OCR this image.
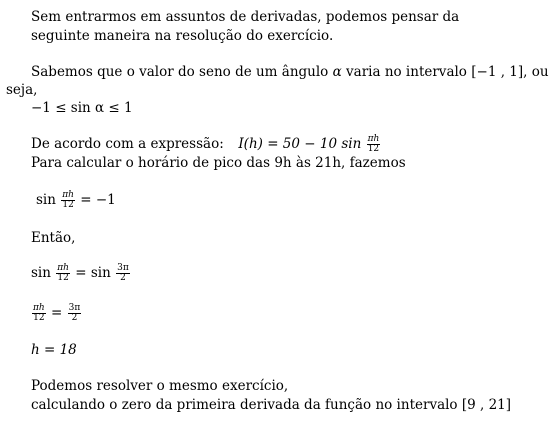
Sem entrarmos em assuntos de derivadas, podemos pensar da
seguinte maneira na resolução do exercício.
Sabemos que o valor do seno de um ângulo α varia no intervalo [−1 , 1], ou
seja,
−1 ≤ sin α ≤ 1
De acordo com a expressão: I(h) = 50 − 10 $\sin \frac{\pi h}{12}$
Para calcular o horário de pico das 9h às 21h, fazemos
$\sin \frac{\pi h}{12} = -1$
Então,
$\sin \frac{\pi h}{12} = \sin \frac{3\pi}{2}$
$\frac{\pi h}{12} = \frac{3\pi}{2}$
h = 18
Podemos resolver o mesmo exercício,
calculando o zero da primeira derivada da função no intervalo [9 , 21]
